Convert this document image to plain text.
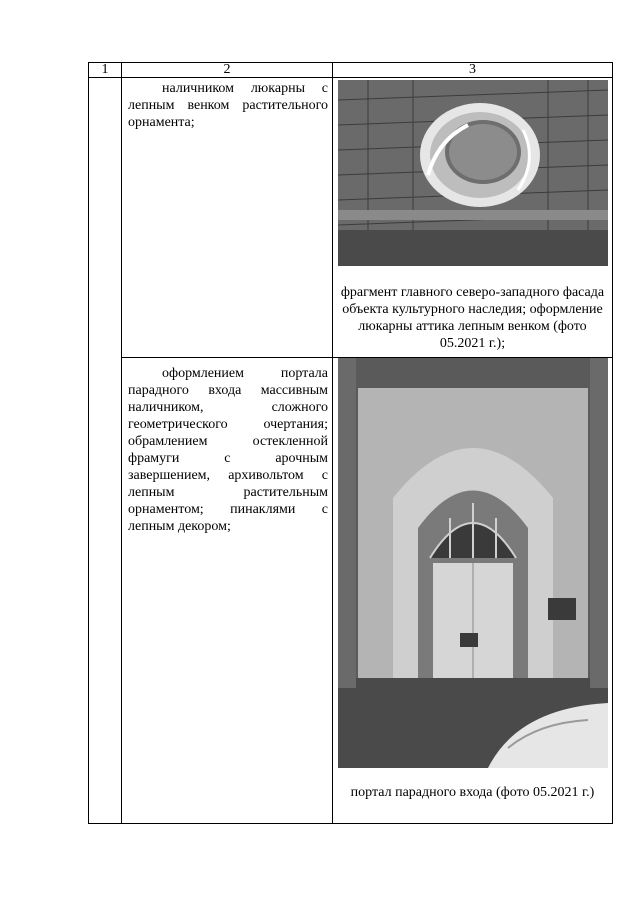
1	2	3

	наличником люкарны с лепным венком растительного орнамента;	фрагмент главного северо-западного фасада объекта культурного наследия; оформление люкарны аттика лепным венком (фото 05.2021 г.);

	оформлением портала парадного входа массивным наличником, сложного геометрического очертания; обрамлением остекленной фрамуги с арочным завершением, архивольтом с лепным растительным орнаментом; пинаклями с лепным декором;	портал парадного входа (фото 05.2021 г.)
